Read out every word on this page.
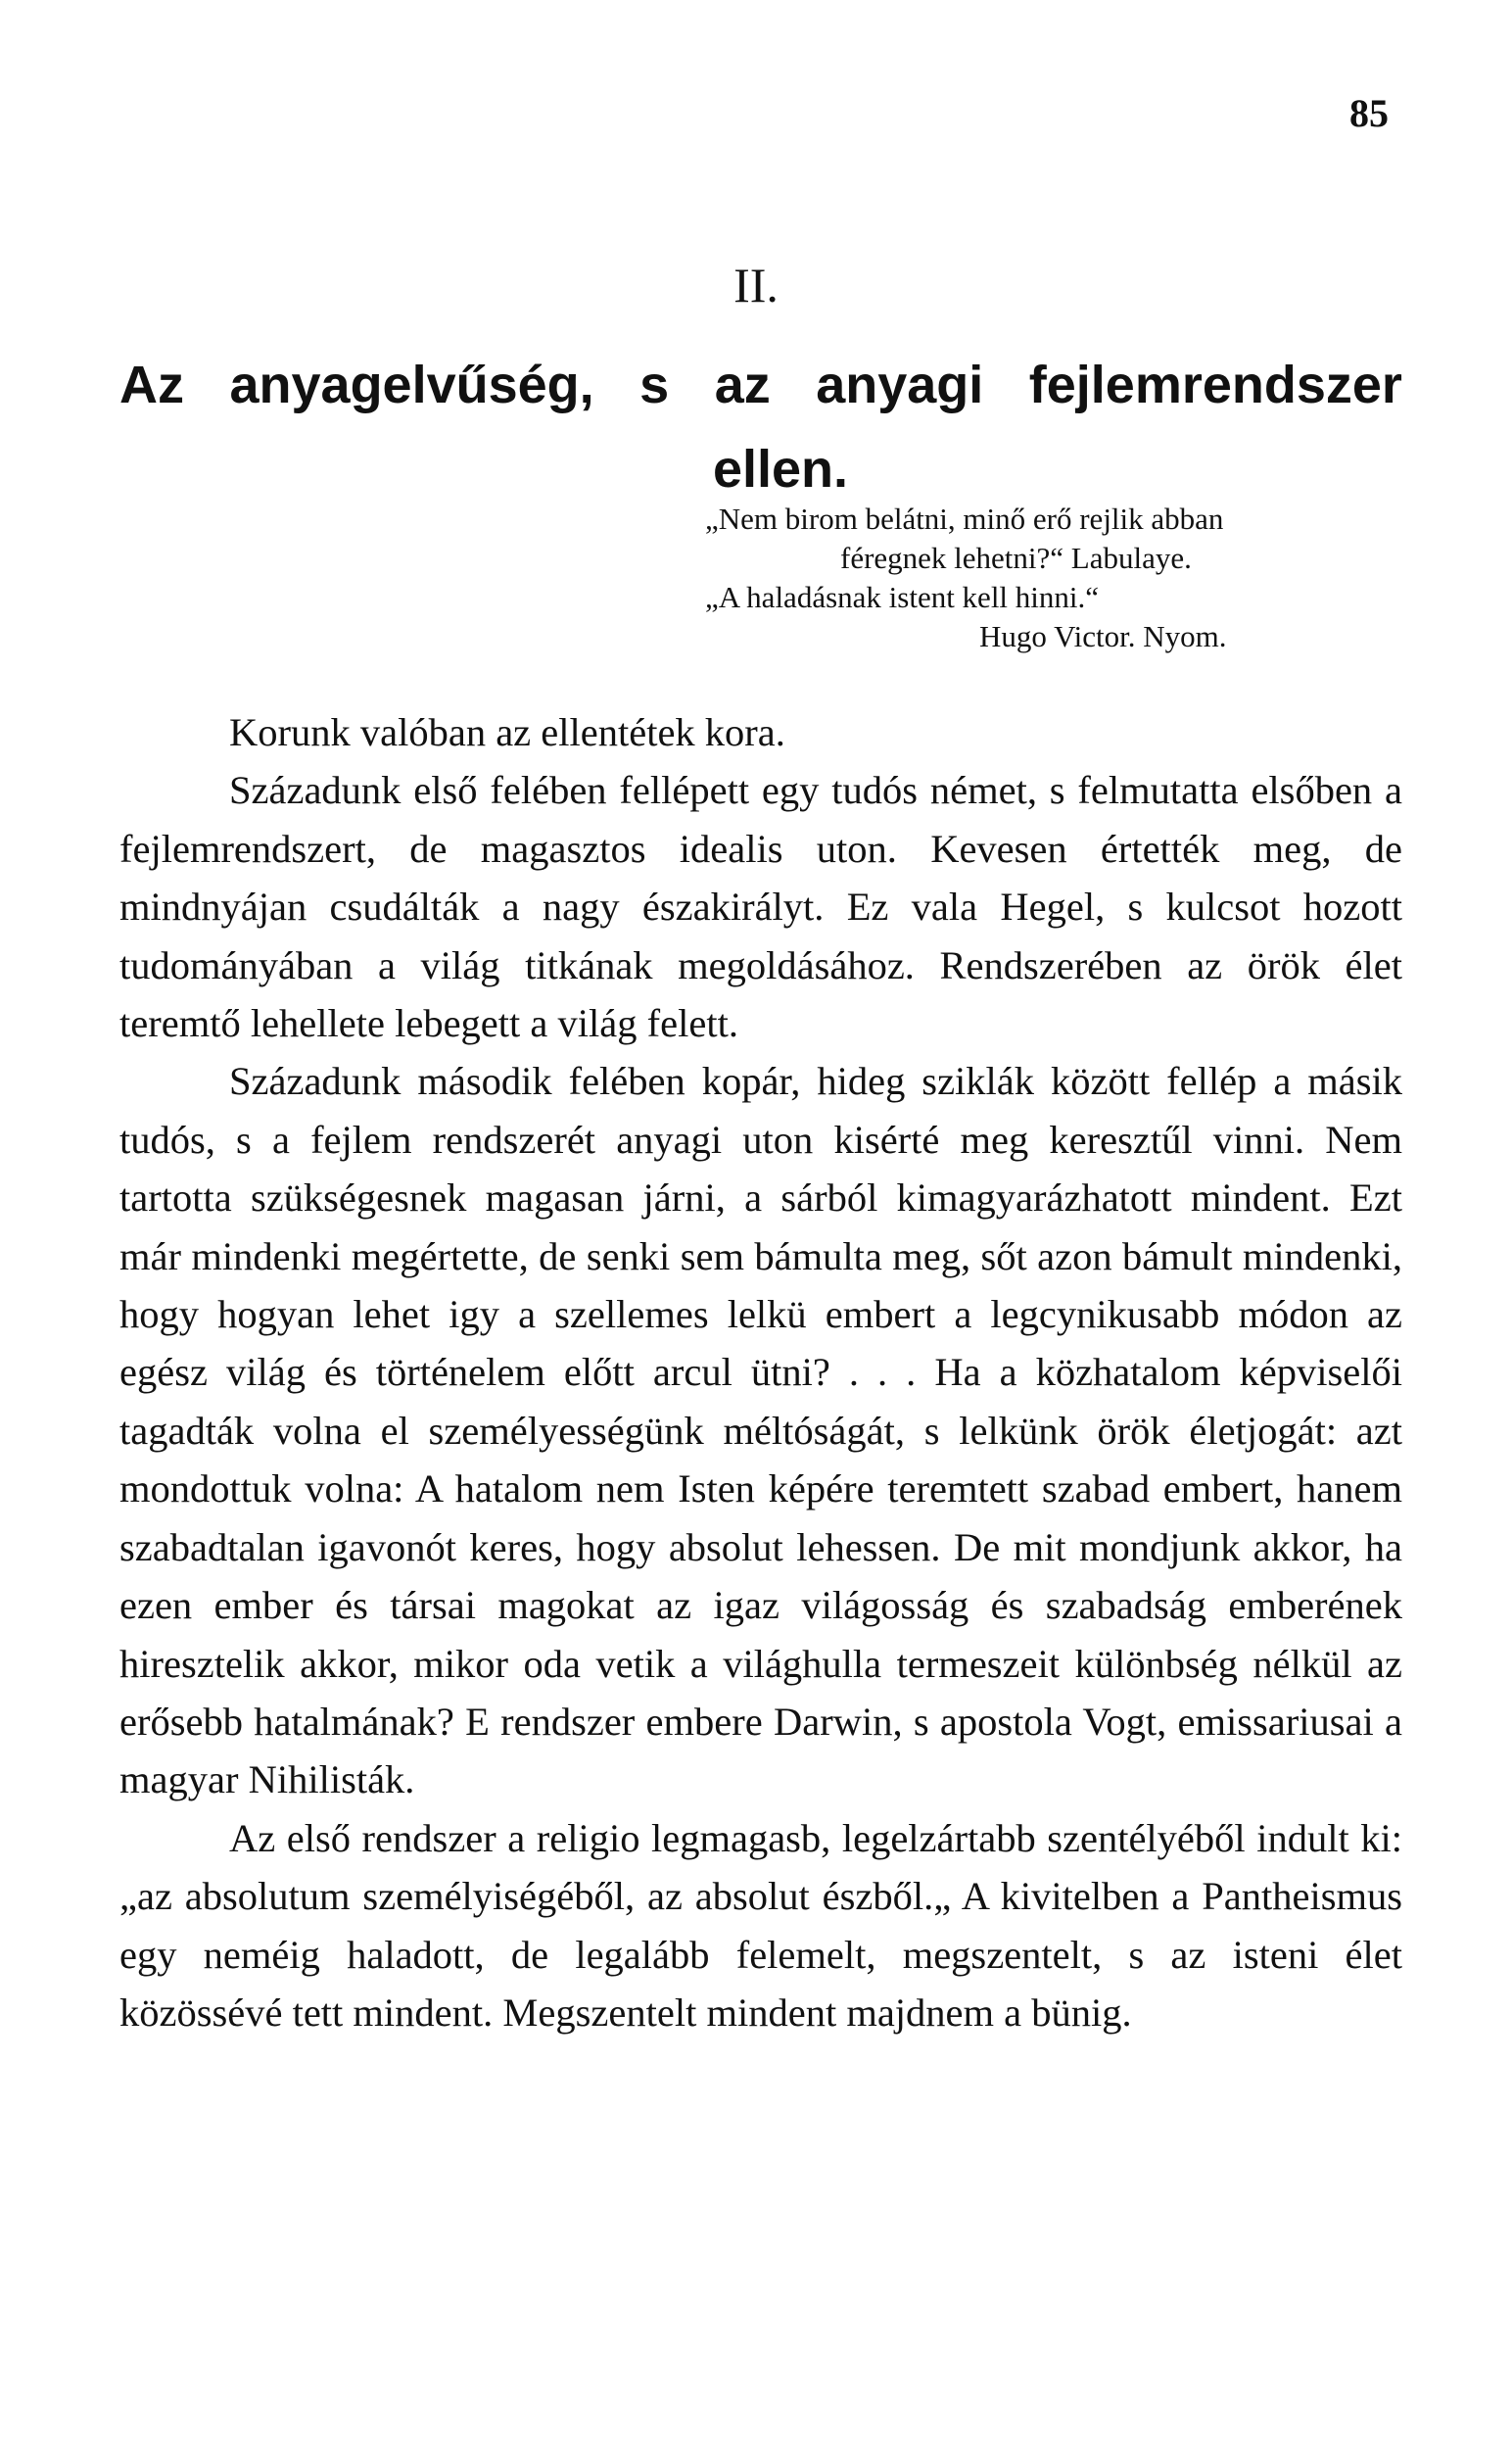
85
II.
Az anyagelvűség, s az anyagi fejlemrendszer
ellen.
„Nem birom belátni, minő erő rejlik abban
féregnek lehetni?“ Labulaye.
„A haladásnak istent kell hinni.“
Hugo Victor. Nyom.

Korunk valóban az ellentétek kora.

Századunk első felében fellépett egy tudós német, s felmutatta elsőben a fejlemrendszert, de magasztos idealis uton. Kevesen értették meg, de mindnyájan csudálták a nagy északirályt. Ez vala Hegel, s kulcsot hozott tudományában a világ titkának megoldásához. Rendszerében az örök élet teremtő lehellete lebegett a világ felett.

Századunk második felében kopár, hideg sziklák között fellép a másik tudós, s a fejlem rendszerét anyagi uton kisérté meg keresztűl vinni. Nem tartotta szükségesnek magasan járni, a sárból kimagyarázhatott mindent. Ezt már mindenki megértette, de senki sem bámulta meg, sőt azon bámult mindenki, hogy hogyan lehet igy a szellemes lelkü embert a legcynikusabb módon az egész világ és történelem előtt arcul ütni? . . . Ha a közhatalom képviselői tagadták volna el személyességünk méltóságát, s lelkünk örök életjogát: azt mondottuk volna: A hatalom nem Isten képére teremtett szabad embert, hanem szabadtalan igavonót keres, hogy absolut lehessen. De mit mondjunk akkor, ha ezen ember és társai magokat az igaz világosság és szabadság emberének hiresztelik akkor, mikor oda vetik a világhulla termeszeit különbség nélkül az erősebb hatalmának? E rendszer embere Darwin, s apostola Vogt, emissariusai a magyar Nihilisták.

Az első rendszer a religio legmagasb, legelzártabb szentélyéből indult ki: „az absolutum személyiségéből, az absolut észből.„ A kivitelben a Pantheismus egy neméig haladott, de legalább felemelt, megszentelt, s az isteni élet közössévé tett mindent. Megszentelt mindent majdnem a bünig.
